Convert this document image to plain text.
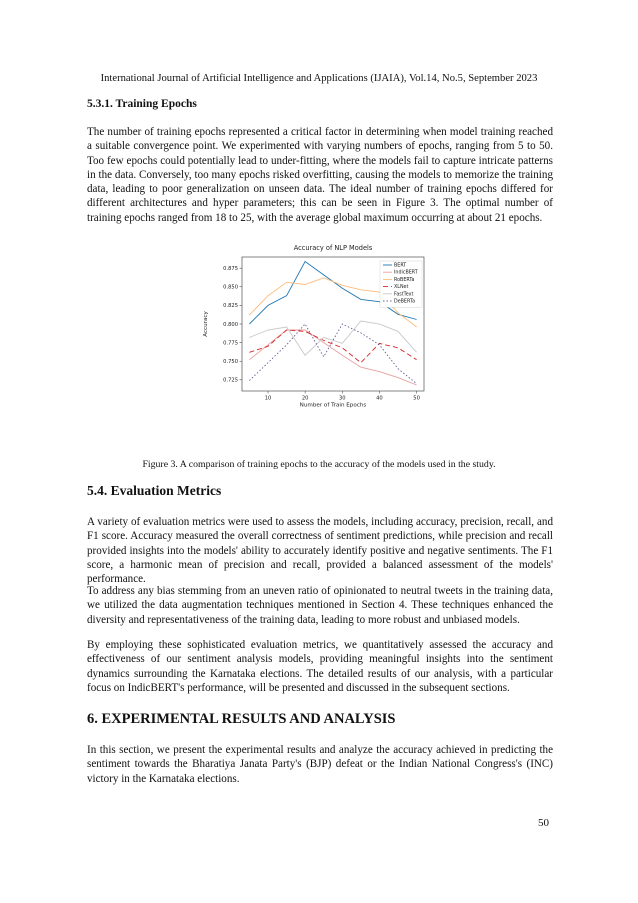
International Journal of Artificial Intelligence and Applications (IJAIA), Vol.14, No.5, September 2023
5.3.1. Training Epochs
The number of training epochs represented a critical factor in determining when model training reached a suitable convergence point. We experimented with varying numbers of epochs, ranging from 5 to 50. Too few epochs could potentially lead to under-fitting, where the models fail to capture intricate patterns in the data. Conversely, too many epochs risked overfitting, causing the models to memorize the training data, leading to poor generalization on unseen data. The ideal number of training epochs differed for different architectures and hyper parameters; this can be seen in Figure 3. The optimal number of training epochs ranged from 18 to 25, with the average global maximum occurring at about 21 epochs.
Accuracy of NLP Models
10	20	30	40	50
0.725
0.750
0.775
0.800
0.825
0.850
0.875
Number of Train Epochs
Accuracy
BERT
IndicBERT
RoBERTa
XLNet
FastText
DeBERTa
Figure 3. A comparison of training epochs to the accuracy of the models used in the study.
5.4. Evaluation Metrics
A variety of evaluation metrics were used to assess the models, including accuracy, precision, recall, and F1 score. Accuracy measured the overall correctness of sentiment predictions, while precision and recall provided insights into the models' ability to accurately identify positive and negative sentiments. The F1 score, a harmonic mean of precision and recall, provided a balanced assessment of the models' performance.
To address any bias stemming from an uneven ratio of opinionated to neutral tweets in the training data, we utilized the data augmentation techniques mentioned in Section 4. These techniques enhanced the diversity and representativeness of the training data, leading to more robust and unbiased models.
By employing these sophisticated evaluation metrics, we quantitatively assessed the accuracy and effectiveness of our sentiment analysis models, providing meaningful insights into the sentiment dynamics surrounding the Karnataka elections. The detailed results of our analysis, with a particular focus on IndicBERT's performance, will be presented and discussed in the subsequent sections.
6. EXPERIMENTAL RESULTS AND ANALYSIS
In this section, we present the experimental results and analyze the accuracy achieved in predicting the sentiment towards the Bharatiya Janata Party's (BJP) defeat or the Indian National Congress's (INC) victory in the Karnataka elections.
50
